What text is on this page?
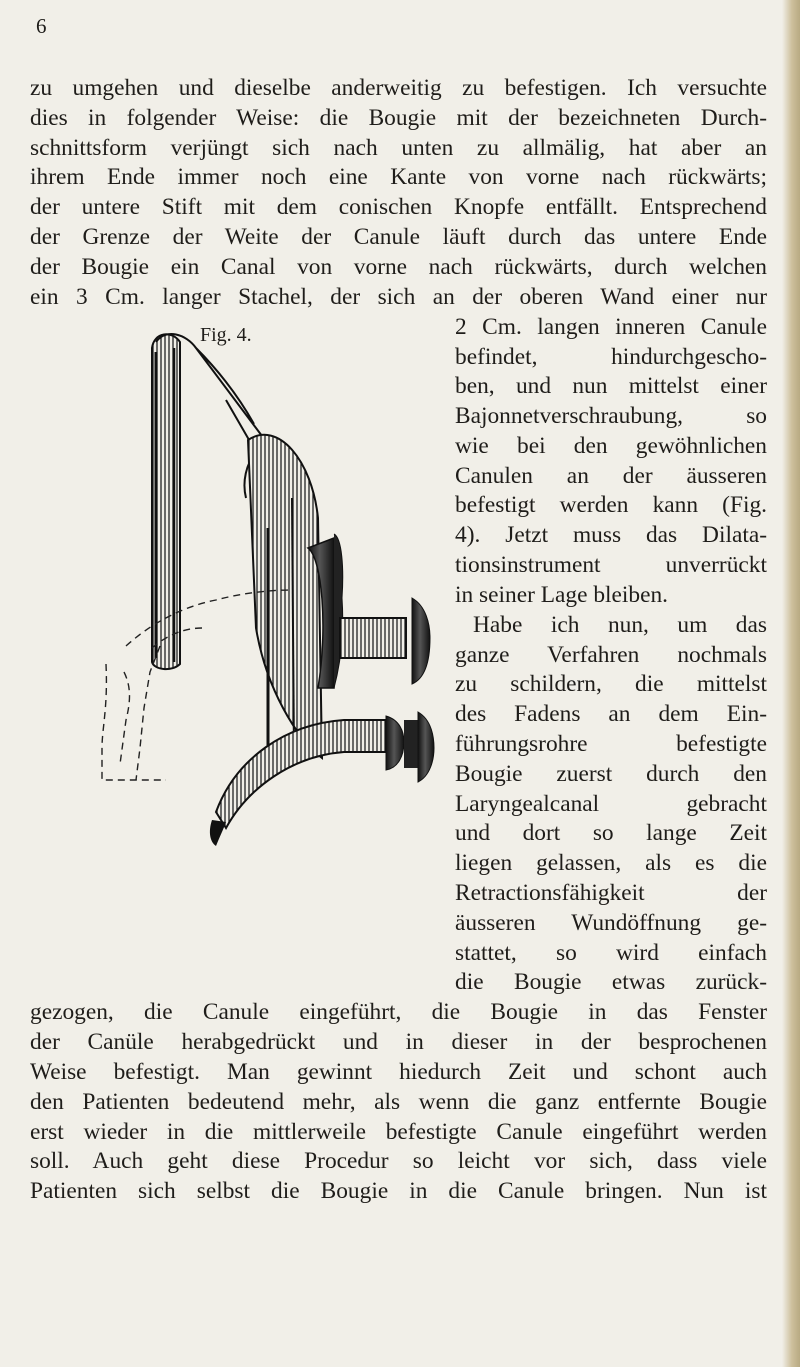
6
zu umgehen und dieselbe anderweitig zu befestigen. Ich versuchte
dies in folgender Weise: die Bougie mit der bezeichneten Durch-
schnittsform verjüngt sich nach unten zu allmälig, hat aber an
ihrem Ende immer noch eine Kante von vorne nach rückwärts;
der untere Stift mit dem conischen Knopfe entfällt. Entsprechend
der Grenze der Weite der Canule läuft durch das untere Ende
der Bougie ein Canal von vorne nach rückwärts, durch welchen
ein 3 Cm. langer Stachel, der sich an der oberen Wand einer nur
2 Cm. langen inneren Canule
befindet, hindurchgescho-
ben, und nun mittelst einer
Bajonnetverschraubung, so
wie bei den gewöhnlichen
Canulen an der äusseren
befestigt werden kann (Fig.
4). Jetzt muss das Dilata-
tionsinstrument unverrückt
in seiner Lage bleiben.
Habe ich nun, um das
ganze Verfahren nochmals
zu schildern, die mittelst
des Fadens an dem Ein-
führungsrohre befestigte
Bougie zuerst durch den
Laryngealcanal gebracht
und dort so lange Zeit
liegen gelassen, als es die
Retractionsfähigkeit der
äusseren Wundöffnung ge-
stattet, so wird einfach
die Bougie etwas zurück-
gezogen, die Canule eingeführt, die Bougie in das Fenster
der Canüle herabgedrückt und in dieser in der besprochenen
Weise befestigt. Man gewinnt hiedurch Zeit und schont auch
den Patienten bedeutend mehr, als wenn die ganz entfernte Bougie
erst wieder in die mittlerweile befestigte Canule eingeführt werden
soll. Auch geht diese Procedur so leicht vor sich, dass viele
Patienten sich selbst die Bougie in die Canule bringen. Nun ist
Fig. 4.
